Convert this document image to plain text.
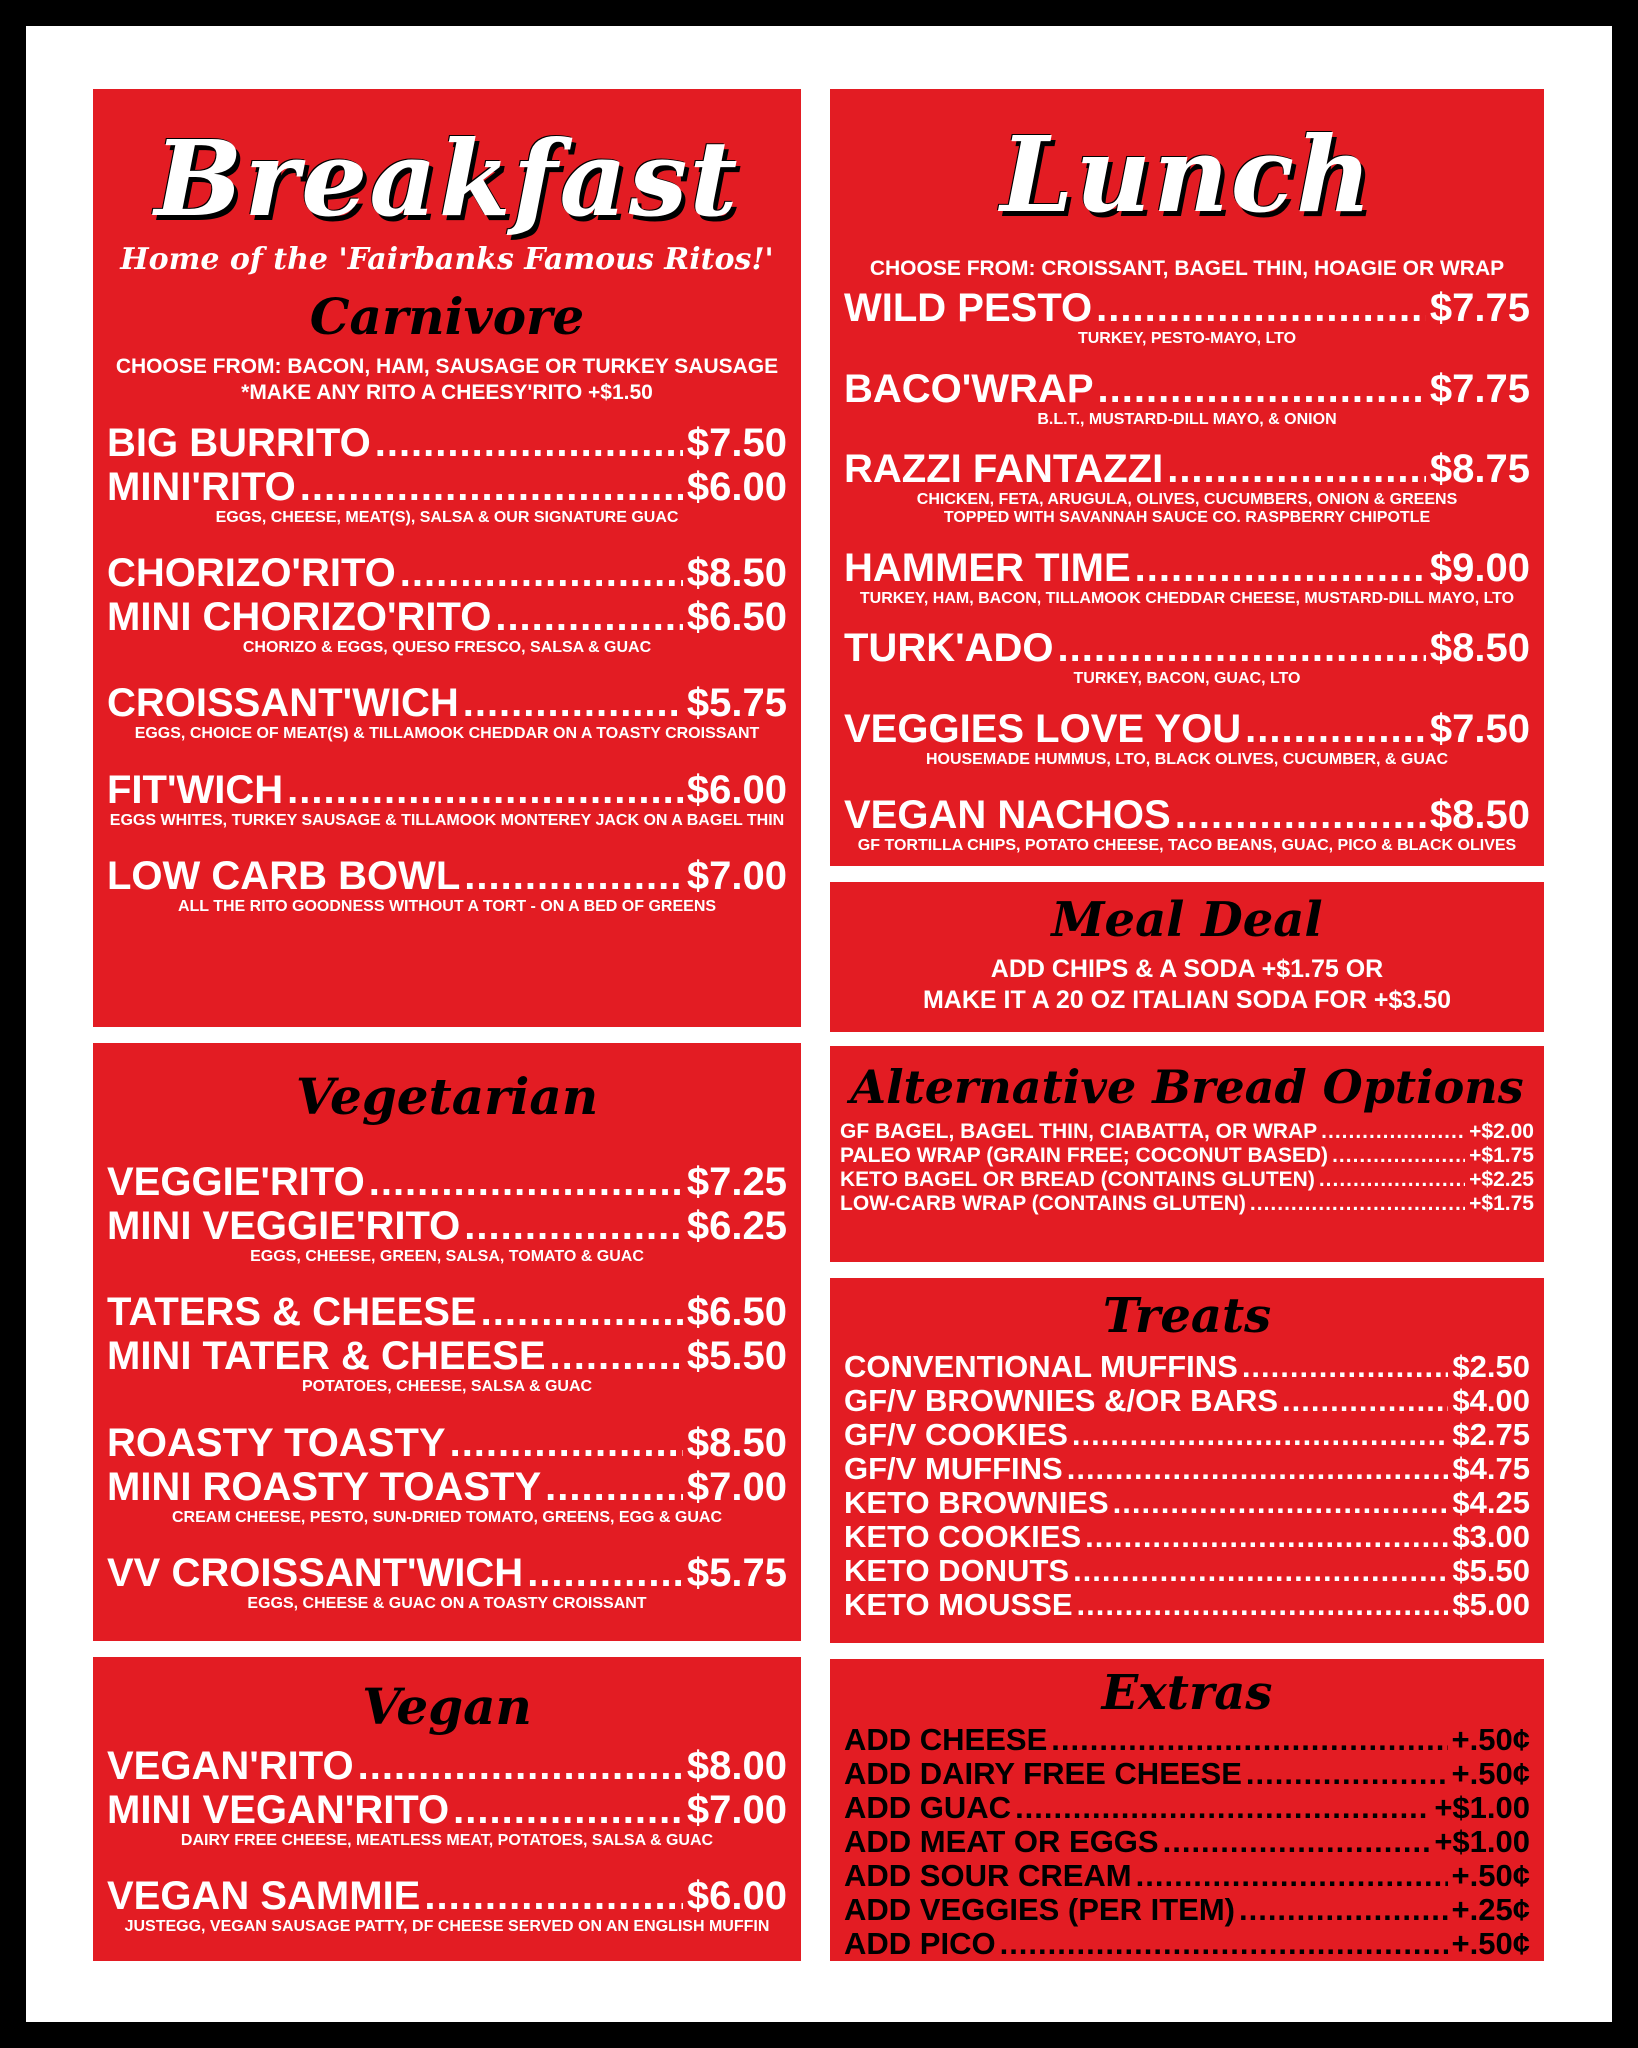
Breakfast
Home of the 'Fairbanks Famous Ritos!'
Carnivore
CHOOSE FROM: BACON, HAM, SAUSAGE OR TURKEY SAUSAGE
*MAKE ANY RITO A CHEESY'RITO +$1.50
BIG BURRITO .....	$7.50
MINI'RITO .....	$6.00
EGGS, CHEESE, MEAT(S), SALSA & OUR SIGNATURE GUAC
CHORIZO'RITO .....	$8.50
MINI CHORIZO'RITO .....	$6.50
CHORIZO & EGGS, QUESO FRESCO, SALSA & GUAC
CROISSANT'WICH .....	$5.75
EGGS, CHOICE OF MEAT(S) & TILLAMOOK CHEDDAR ON A TOASTY CROISSANT
FIT'WICH .....	$6.00
EGGS WHITES, TURKEY SAUSAGE & TILLAMOOK MONTEREY JACK ON A BAGEL THIN
LOW CARB BOWL .....	$7.00
ALL THE RITO GOODNESS WITHOUT A TORT - ON A BED OF GREENS
Vegetarian
VEGGIE'RITO .....	$7.25
MINI VEGGIE'RITO .....	$6.25
EGGS, CHEESE, GREEN, SALSA, TOMATO & GUAC
TATERS & CHEESE .....	$6.50
MINI TATER & CHEESE .....	$5.50
POTATOES, CHEESE, SALSA & GUAC
ROASTY TOASTY .....	$8.50
MINI ROASTY TOASTY .....	$7.00
CREAM CHEESE, PESTO, SUN-DRIED TOMATO, GREENS, EGG & GUAC
VV CROISSANT'WICH .....	$5.75
EGGS, CHEESE & GUAC ON A TOASTY CROISSANT
Vegan
VEGAN'RITO .....	$8.00
MINI VEGAN'RITO .....	$7.00
DAIRY FREE CHEESE, MEATLESS MEAT, POTATOES, SALSA & GUAC
VEGAN SAMMIE .....	$6.00
JUSTEGG, VEGAN SAUSAGE PATTY, DF CHEESE SERVED ON AN ENGLISH MUFFIN
Lunch
CHOOSE FROM: CROISSANT, BAGEL THIN, HOAGIE OR WRAP
WILD PESTO .....	$7.75
TURKEY, PESTO-MAYO, LTO
BACO'WRAP .....	$7.75
B.L.T., MUSTARD-DILL MAYO, & ONION
RAZZI FANTAZZI .....	$8.75
CHICKEN, FETA, ARUGULA, OLIVES, CUCUMBERS, ONION & GREENS
TOPPED WITH SAVANNAH SAUCE CO. RASPBERRY CHIPOTLE
HAMMER TIME .....	$9.00
TURKEY, HAM, BACON, TILLAMOOK CHEDDAR CHEESE, MUSTARD-DILL MAYO, LTO
TURK'ADO .....	$8.50
TURKEY, BACON, GUAC, LTO
VEGGIES LOVE YOU .....	$7.50
HOUSEMADE HUMMUS, LTO, BLACK OLIVES, CUCUMBER, & GUAC
VEGAN NACHOS .....	$8.50
GF TORTILLA CHIPS, POTATO CHEESE, TACO BEANS, GUAC, PICO & BLACK OLIVES
Meal Deal
ADD CHIPS & A SODA +$1.75 OR
MAKE IT A 20 OZ ITALIAN SODA FOR +$3.50
Alternative Bread Options
GF BAGEL, BAGEL THIN, CIABATTA, OR WRAP .....	+$2.00
PALEO WRAP (GRAIN FREE; COCONUT BASED) .....	+$1.75
KETO BAGEL OR BREAD (CONTAINS GLUTEN) .....	+$2.25
LOW-CARB WRAP (CONTAINS GLUTEN) .....	+$1.75
Treats
CONVENTIONAL MUFFINS .....	$2.50
GF/V BROWNIES &/OR BARS .....	$4.00
GF/V COOKIES .....	$2.75
GF/V MUFFINS .....	$4.75
KETO BROWNIES .....	$4.25
KETO COOKIES .....	$3.00
KETO DONUTS .....	$5.50
KETO MOUSSE .....	$5.00
Extras
ADD CHEESE .....	+.50¢
ADD DAIRY FREE CHEESE .....	+.50¢
ADD GUAC .....	+$1.00
ADD MEAT OR EGGS .....	+$1.00
ADD SOUR CREAM .....	+.50¢
ADD VEGGIES (PER ITEM) .....	+.25¢
ADD PICO .....	+.50¢
